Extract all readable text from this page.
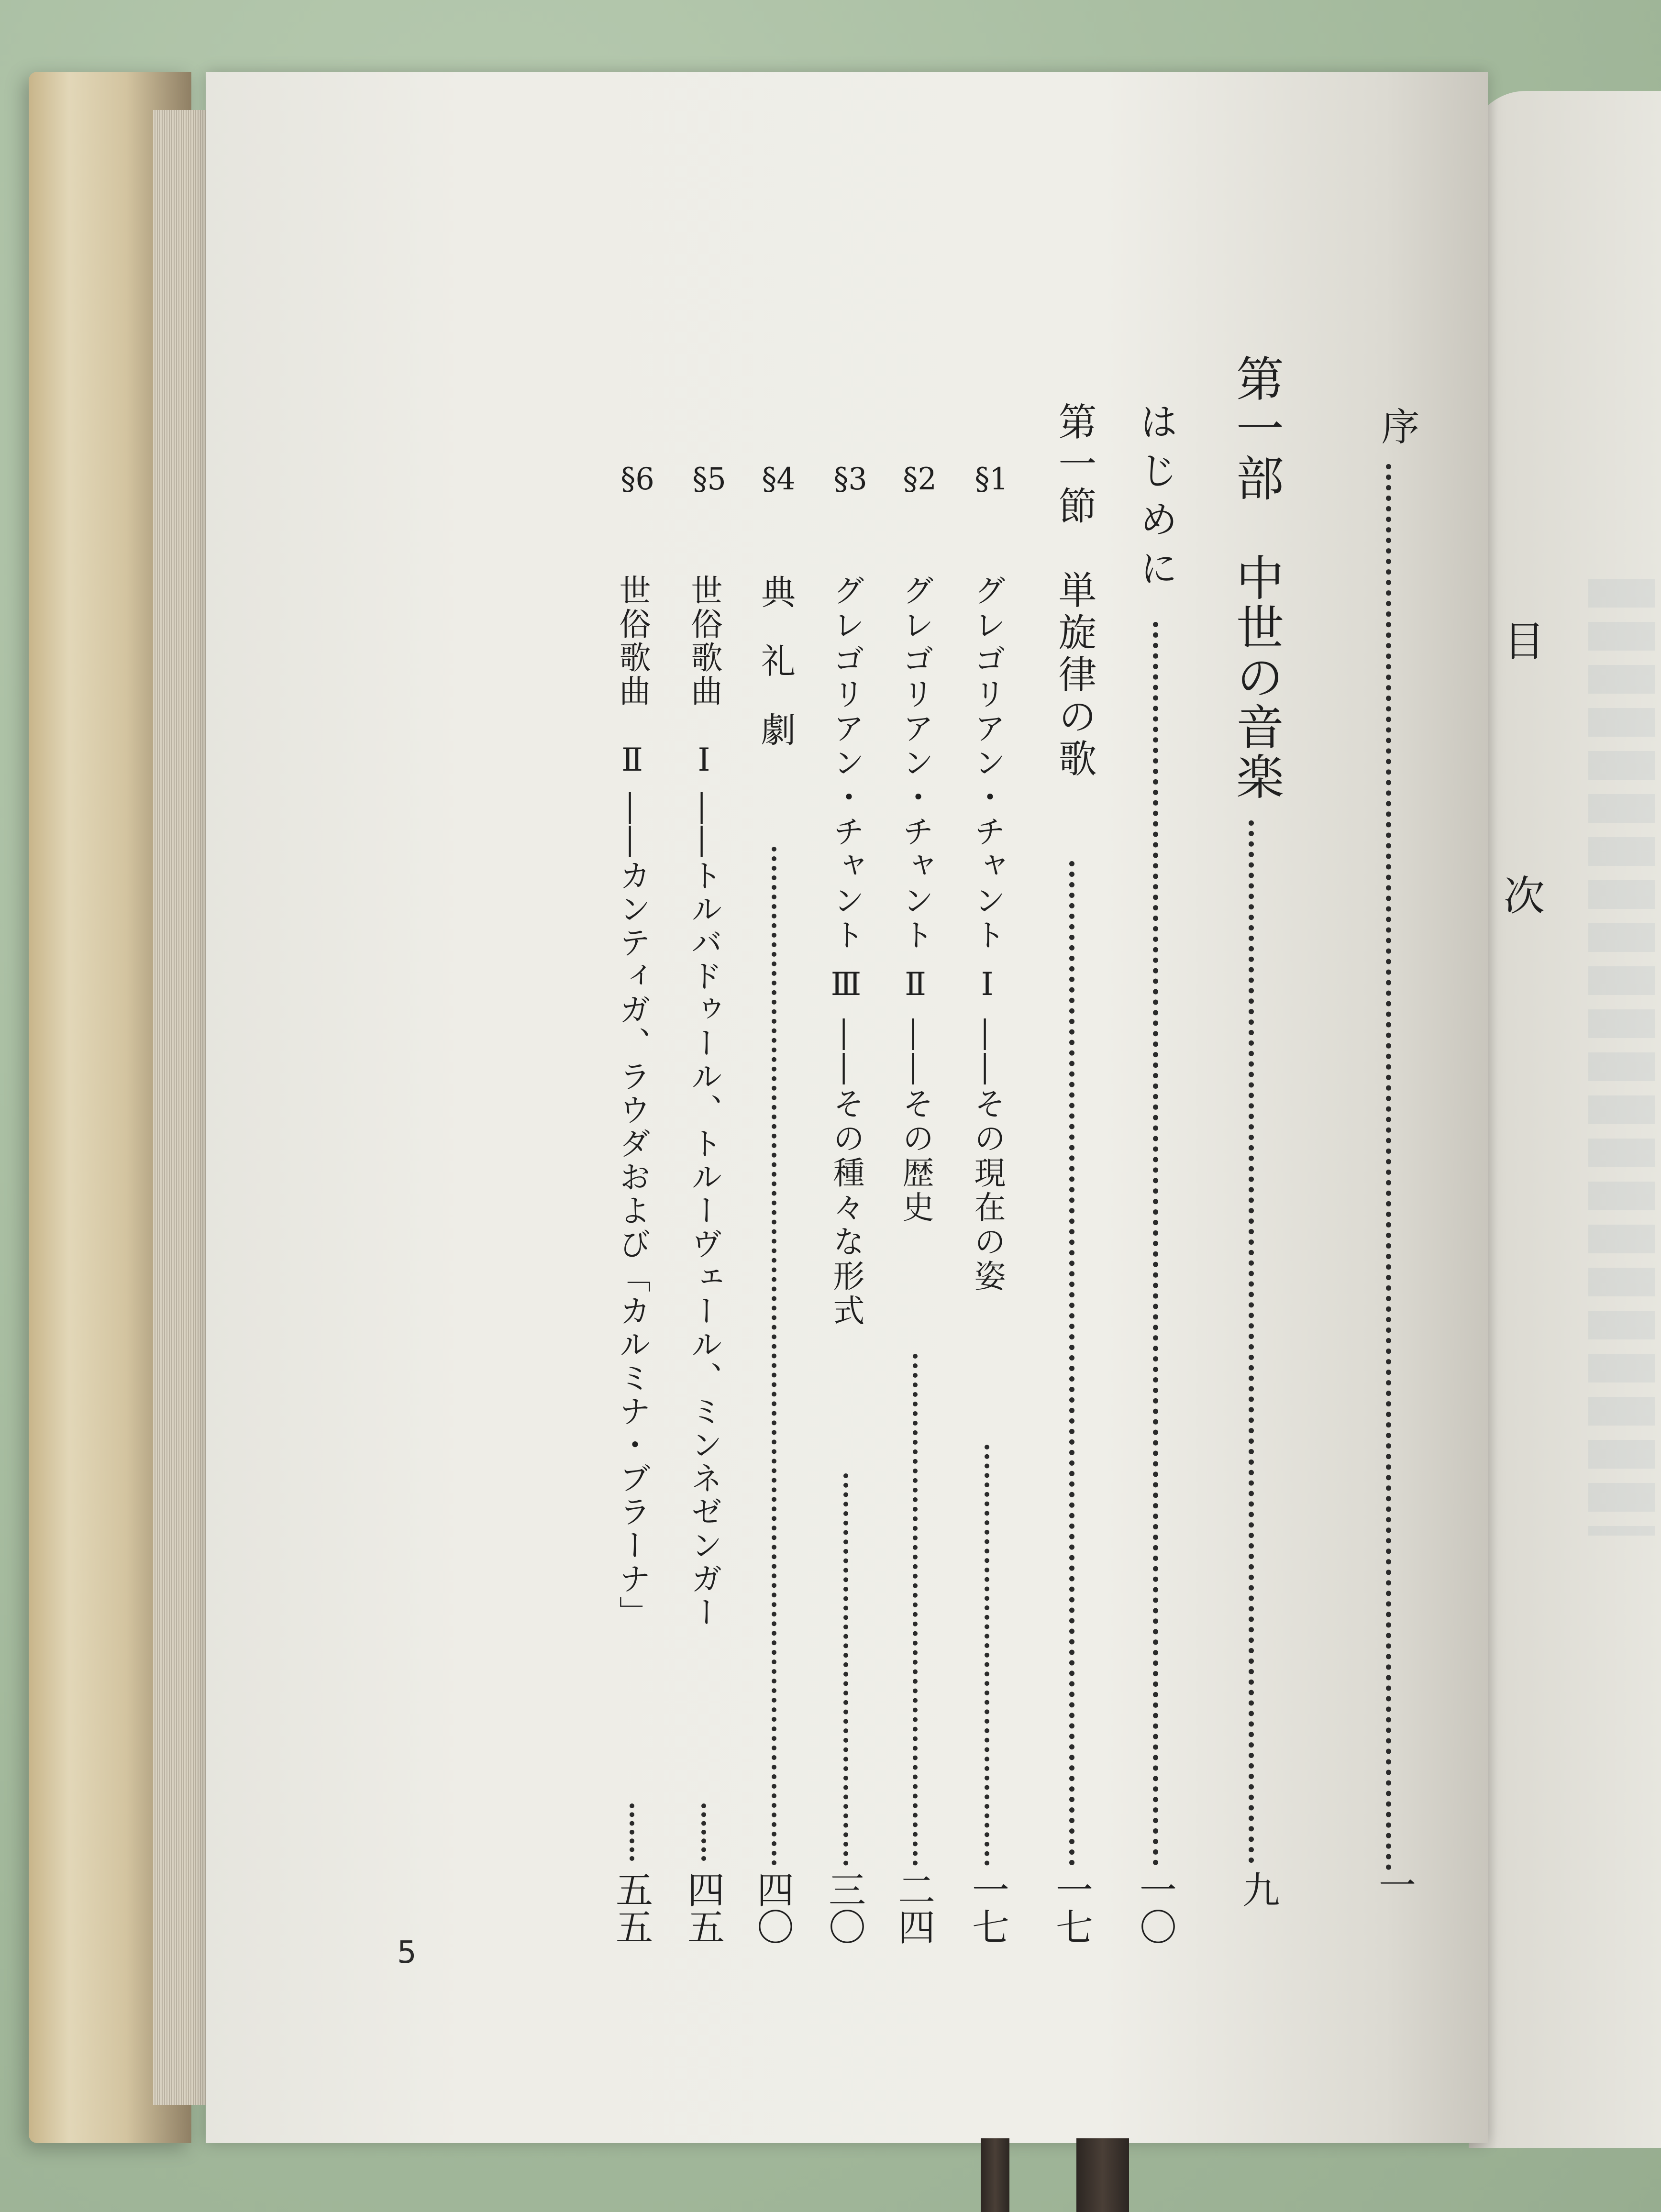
目　次
序
一
第一部　中世の音楽
九
はじめに
一〇
第一節　単旋律の歌
一七
§1
グレゴリアン・チャント Ⅰ ――その現在の姿
一七
§2
グレゴリアン・チャント Ⅱ ――その歴史
二四
§3
グレゴリアン・チャント Ⅲ ――その種々な形式
三〇
§4
典　礼　劇
四〇
§5
世俗歌曲　Ⅰ ――トルバドゥール、トルーヴェール、ミンネゼンガー
四五
§6
世俗歌曲　Ⅱ ――カンティガ、ラウダおよび「カルミナ・ブラーナ」
五五
5
